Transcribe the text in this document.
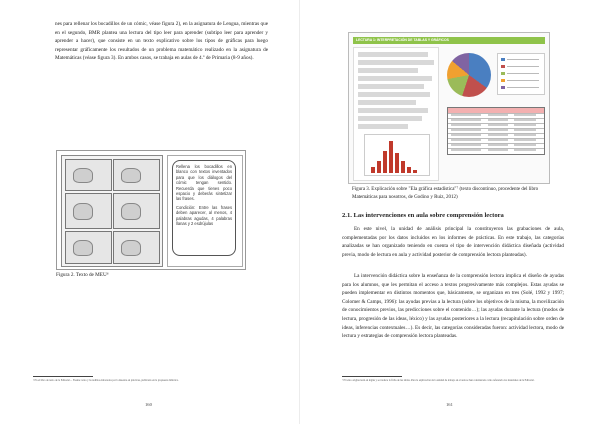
nes para rellenar los bocadillos de un cómic, véase figura 2), en la asignatura de Lengua, mientras que en el segundo, BMR plantea una lectura del tipo leer para aprender (subtipo leer para aprender y aprender a hacer), que consiste en un texto explicativo sobre los tipos de gráficas para luego representar gráficamente los resultados de un problema matemático realizado en la asignatura de Matemáticas (véase figura 3). En ambos casos, se trabaja en aulas de 4.º de Primaria (8-9 años).

Rellena los bocadillos en blanco con textos inventados para que los diálogos del cómic tengan sentido. Recuerda que tienes poco espacio y deberás sintetizar las frases.

Condición: Entre las frases deben aparecer, al menos, 4 palabras agudas, 4 palabras llanas y 2 esdrújulas

Figura 2. Texto de MEU⁶

⁶ En el libro de texto de la Editorial… Fuente: texto y bocadillos elaborados por la maestra en prácticas, publicado en la propuesta didáctica.

160

LECTURA 1: INTERPRETACIÓN DE TABLAS Y GRÁFICOS

Figura 3. Explicación sobre "Ela gráfica estadística"⁷ (texto discontinuo, procedente del libro Matemáticas para nosotros, de Godino y Ruiz, 2012)

2.1. Las intervenciones en aula sobre comprensión lectora

En este nivel, la unidad de análisis principal la constituyeron las grabaciones de aula, complementadas por los datos incluidos en los informes de prácticas. En este trabajo, las categorías analizadas se han organizado teniendo en cuenta el tipo de intervención didáctica diseñada (actividad previa, modo de lectura en aula y actividad posterior de comprensión lectora planteadas).

La intervención didáctica sobre la enseñanza de la comprensión lectora implica el diseño de ayudas para los alumnos, que les permitan el acceso a textos progresivamente más complejos. Estas ayudas se pueden implementar en distintos momentos que, básicamente, se organizan en tres (Solé, 1992 y 1997; Colomer & Camps, 1996): las ayudas previas a la lectura (sobre los objetivos de la misma, la movilización de conocimientos previos, las predicciones sobre el contenido…); las ayudas durante la lectura (modos de lectura, progresión de las ideas, léxico) y las ayudas posteriores a la lectura (recapitulación sobre orden de ideas, inferencias contextuales…). Es decir, las categorías consideradas fueron: actividad lectora, modo de lectura y estrategias de comprensión lectora planteadas.

⁷ El texto original está en inglés y se traduce la ficha de las tablas. Para la explicación de la unidad de trabajo en el aula se han considerado como referencia los materiales de la Editorial.

161
